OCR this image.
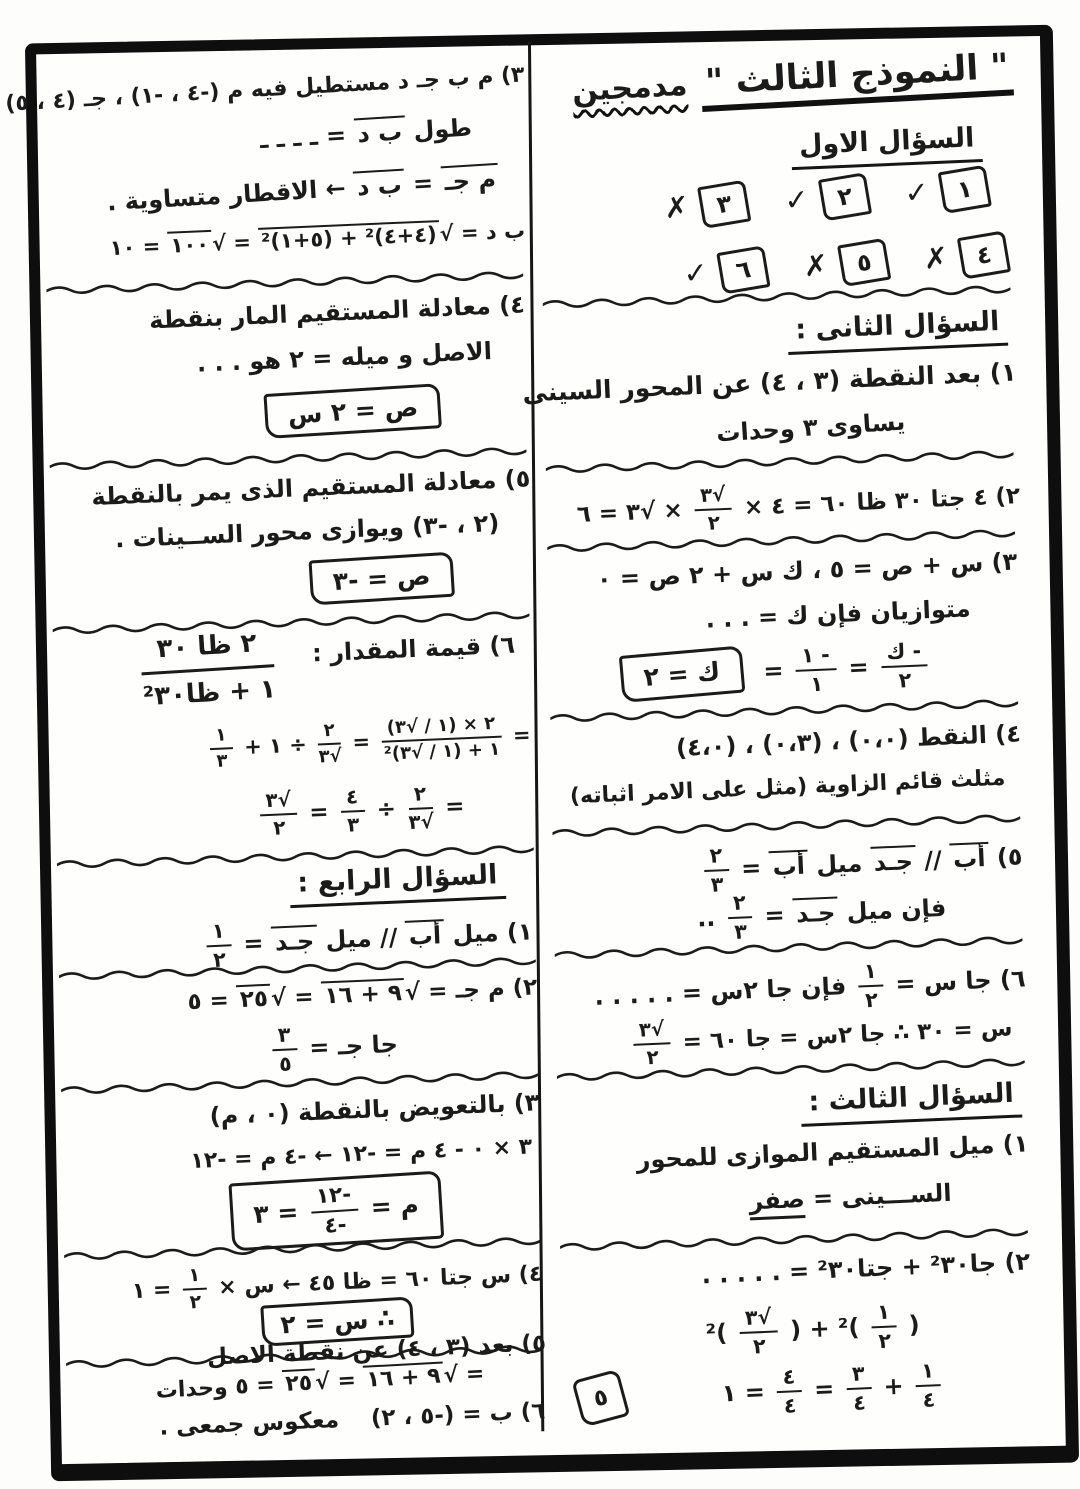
" النموذج الثالث "مدمجين
السؤال الاول
١
✓
٢
✓
٣
✗
٤
✗
٥
✗
٦
✓
السؤال الثانى :
١) بعد النقطة (٣ ، ٤) عن المحور السينى
يساوى ٣ وحدات
٢) ٤ جتا ٣٠ ظا ٦٠ = ٤ ×
√٣
٢
× √٣ = ٦
٣) س + ص = ٥ ، ك س + ٢ ص = ٠
متوازيان فإن ك = . . .
- ك
٢
=
- ١
١
= ك = ٢
٤) النقط (٠،٠) ، (٠،٣) ، (٤،٠)
مثلث قائم الزاوية (مثل على الامر اثباته)
٥) أب // جـد ميل أب =
٢
٣
فإن ميل جـد =
٢
٣
..
٦) جا س =
١
٢
فإن جا ٢س = . . . . .
س = ٣٠ ∴ جا ٢س = جا ٦٠ =
√٣
٢
السؤال الثالث :
١) ميل المستقيم الموازى للمحور
الســـينى = صفر
٢) جا²٣٠ + جتا²٣٠ = . . . . .
(
١
٢
)² + (
√٣
٢
)²
١
٤
+
٣
٤
=
٤
٤
= ١
٥
٣) م ب جـ د مستطيل فيه م (-٤ ، -١) ، جـ (٤ ، ٥)
طول ب د = ـ ـ ـ ـ
م جـ = ب د ← الاقطار متساوية .
ب د = √(٤+٤)² + (٥+١)² = √١٠٠ = ١٠
٤) معادلة المستقيم المار بنقطة
الاصل و ميله = ٢ هو . . .
ص = ٢ س
٥) معادلة المستقيم الذى يمر بالنقطة
(٢ ، -٣) ويوازى محور الســينات .
ص = -٣
٦) قيمة المقدار :
٢ ظا ٣٠
١ + ظا²٣٠
=
٢ × (١ / √٣)
١ + (١ / √٣)²
=
٢
√٣
÷ ١ +
١
٣
=
٢
√٣
÷
٤
٣
=
√٣
٢
السؤال الرابع :
١) ميل أب // ميل جـد =
١
٢
٢) م جـ = √٩ + ١٦ = √٢٥ = ٥
جا جـ =
٣
٥
٣) بالتعويض بالنقطة (٠ ، م)
٣ × ٠ - ٤ م = -١٢ ← -٤ م = -١٢
م =
-١٢
-٤
= ٣
٤) س جتا ٦٠ = ظا ٤٥ ← س ×
١
٢
= ١
∴ س = ٢
٥) بعد (٣ ، ٤) عن نقطة الاصل
= √٩ + ١٦ = √٢٥ = ٥ وحدات
٦) ب = (-٥ ، ٢)    معكوس جمعى .
